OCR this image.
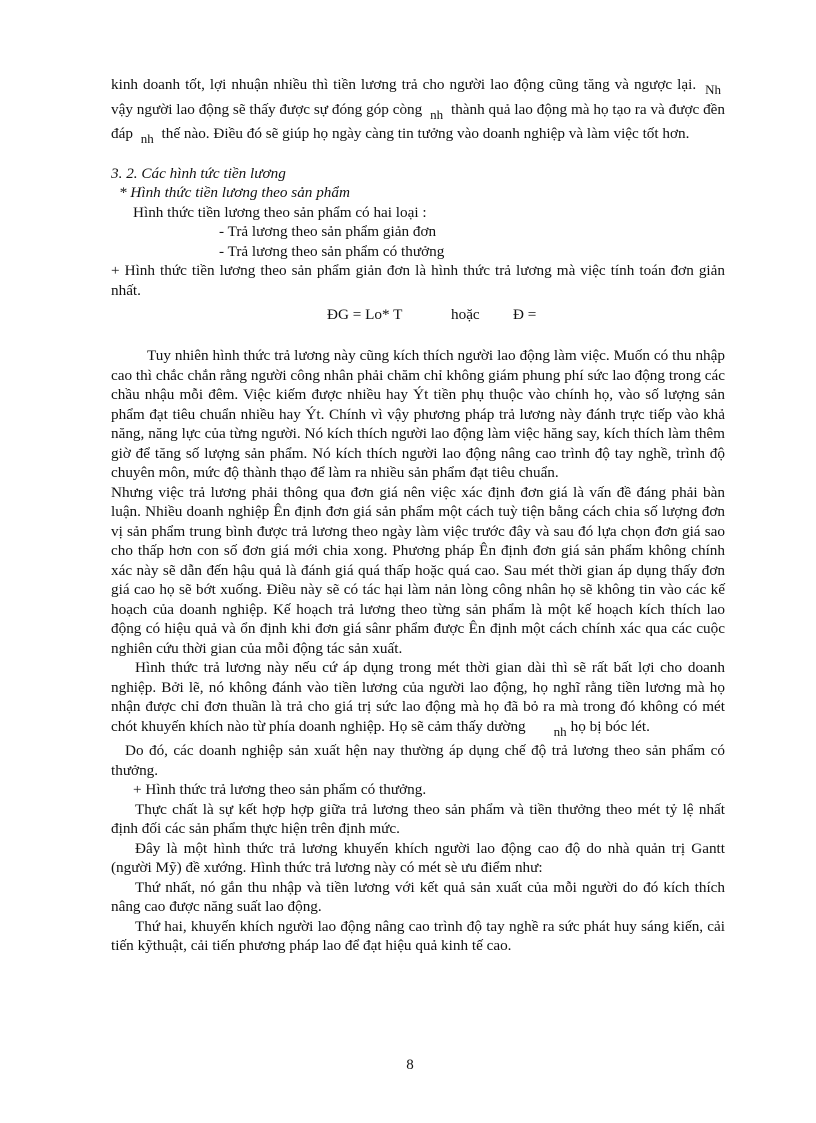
kinh doanh tốt, lợi nhuận nhiều thì tiền lương trả cho người lao động cũng tăng và ngược lại. Nh vậy người lao động sẽ thấy được sự đóng góp còng nh thành quả lao động mà họ tạo ra và được đền đáp nh thế nào. Điều đó sẽ giúp họ ngày càng tin tưởng vào doanh nghiệp và làm việc tốt hơn.

3. 2. Các hình tức tiền lương

* Hình thức tiền lương theo sản phẩm

Hình thức tiền lương theo sản phẩm có hai loại :

- Trả lương theo sản phẩm giản đơn

- Trả lương theo sản phẩm có thưởng

+ Hình thức tiền lương theo sản phẩm giản đơn là hình thức trả lương mà việc tính toán đơn giản nhất.

ĐG = Lo* T	hoặc Đ =

Tuy nhiên hình thức trả lương này cũng kích thích người lao động làm việc. Muốn có thu nhập cao thì chắc chắn rằng người công nhân phải chăm chỉ không giám phung phí sức lao động trong các chầu nhậu mỗi đêm. Việc kiếm được nhiều hay Ýt tiền phụ thuộc vào chính họ, vào số lượng sản phẩm đạt tiêu chuẩn nhiều hay Ýt. Chính vì vậy phương pháp trả lương này đánh trực tiếp vào khả năng, năng lực của từng người. Nó kích thích người lao động làm việc hăng say, kích thích làm thêm giờ để tăng số lượng sản phẩm. Nó kích thích người lao động nâng cao trình độ tay nghề, trình độ chuyên môn, mức độ thành thạo để làm ra nhiều sản phẩm đạt tiêu chuẩn.

Nhưng việc trả lương phải thông qua đơn giá nên việc xác định đơn giá là vấn đề đáng phải bàn luận. Nhiều doanh nghiệp Ên định đơn giá sản phẩm một cách tuỳ tiện bằng cách chia số lượng đơn vị sản phẩm trung bình được trả lương theo ngày làm việc trước đây và sau đó lựa chọn đơn giá sao cho thấp hơn con số đơn giá mới chia xong. Phương pháp Ên định đơn giá sản phẩm không chính xác này sẽ dẫn đến hậu quả là đánh giá quá thấp hoặc quá cao. Sau mét thời gian áp dụng thấy đơn giá cao họ sẽ bớt xuống. Điều này sẽ có tác hại làm nản lòng công nhân họ sẽ không tin vào các kế hoạch của doanh nghiệp. Kế hoạch trả lương theo từng sản phẩm là một kế hoạch kích thích lao động có hiệu quả và ổn định khi đơn giá sânr phẩm được Ên định một cách chính xác qua các cuộc nghiên cứu thời gian của mỗi động tác sản xuất.

Hình thức trả lương này nếu cứ áp dụng trong mét thời gian dài thì sẽ rất bất lợi cho doanh nghiệp. Bởi lẽ, nó không đánh vào tiền lương của người lao động, họ nghĩ rằng tiền lương mà họ nhận được chỉ đơn thuần là trả cho giá trị sức lao động mà họ đã bỏ ra mà trong đó không có mét chót khuyến khích nào từ phía doanh nghiệp. Họ sẽ cảm thấy dường nh họ bị bóc lét.

Do đó, các doanh nghiệp sản xuất hện nay thường áp dụng chế độ trả lương theo sản phẩm có thưởng.

+ Hình thức trả lương theo sản phẩm có thưởng.

Thực chất là sự kết hợp hợp giữa trả lương theo sản phẩm và tiền thưởng theo mét tỷ lệ nhất định đối các sản phẩm thực hiện trên định mức.

Đây là một hình thức trả lương khuyến khích người lao động cao độ do nhà quản trị Gantt (người Mỹ) đề xướng. Hình thức trả lương này có mét sè ưu điểm như:

Thứ nhất, nó gắn thu nhập và tiền lương với kết quả sản xuất của mỗi người do đó kích thích nâng cao được năng suất lao động.

Thứ hai, khuyến khích người lao động nâng cao trình độ tay nghề ra sức phát huy sáng kiến, cải tiến kỹthuật, cải tiến phương pháp lao để đạt hiệu quả kinh tế cao.

8
